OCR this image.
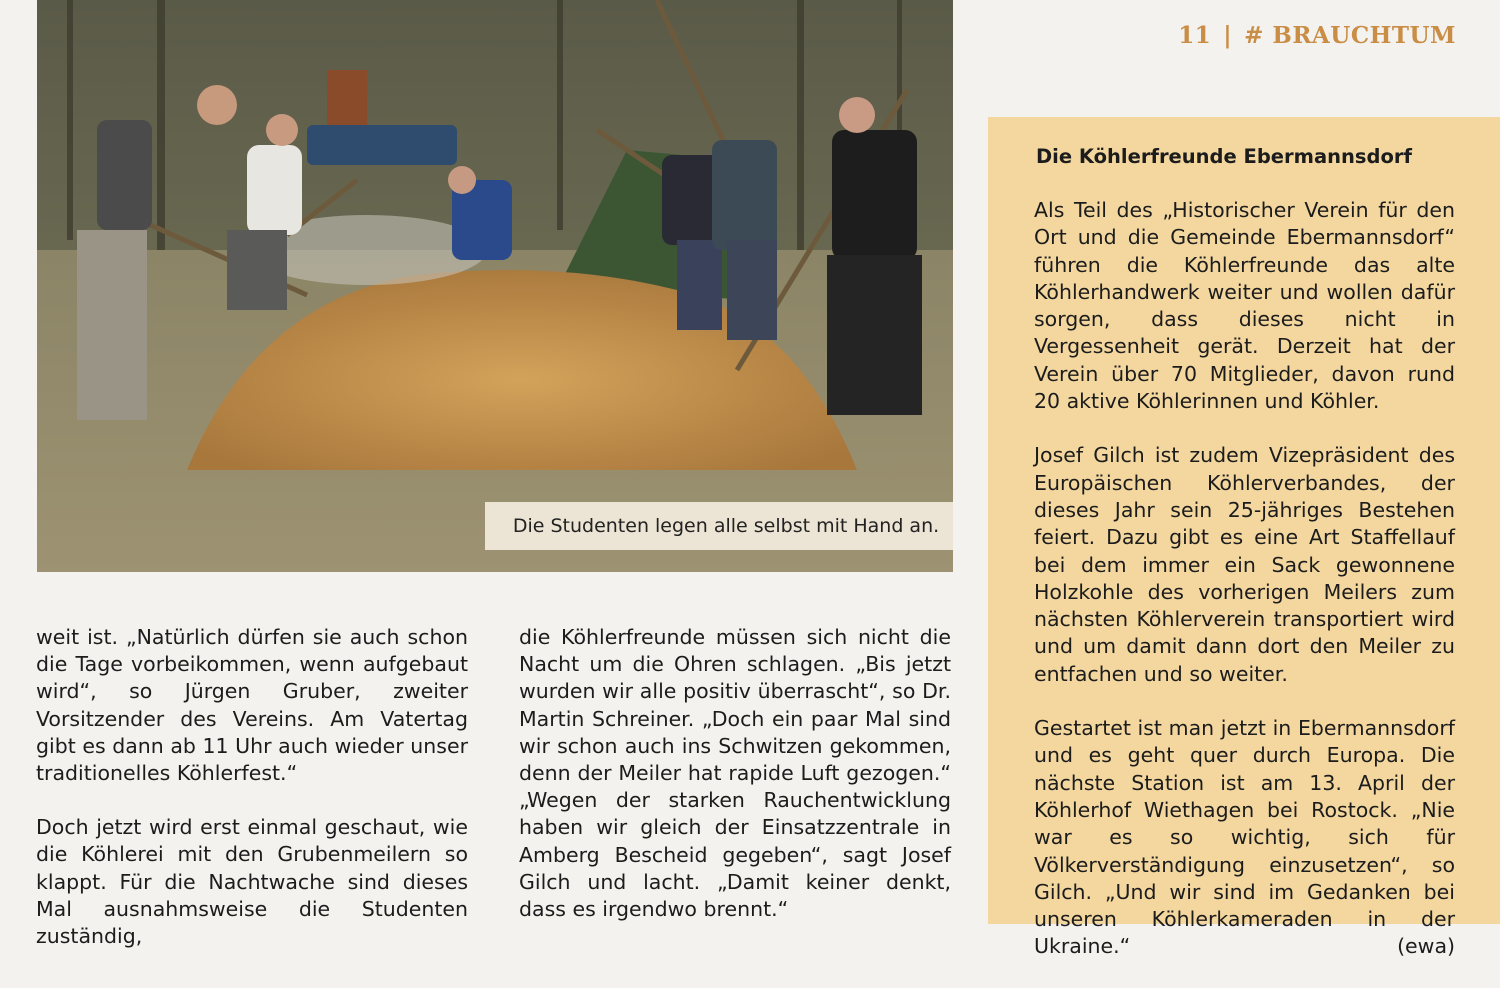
11 | # BRAUCHTUM
Die Studenten legen alle selbst mit Hand an.

weit ist. „Natürlich dürfen sie auch schon die Tage vorbeikommen, wenn aufgebaut wird“, so Jürgen Gruber, zweiter Vorsitzender des Vereins. Am Vatertag gibt es dann ab 11 Uhr auch wieder unser traditionelles Köhlerfest.“

Doch jetzt wird erst einmal geschaut, wie die Köhlerei mit den Grubenmeilern so klappt. Für die Nachtwache sind dieses Mal ausnahmsweise die Studenten zuständig,

die Köhlerfreunde müssen sich nicht die Nacht um die Ohren schlagen. „Bis jetzt wurden wir alle positiv überrascht“, so Dr. Martin Schreiner. „Doch ein paar Mal sind wir schon auch ins Schwitzen gekommen, denn der Meiler hat rapide Luft gezogen.“ „Wegen der starken Rauchentwicklung haben wir gleich der Einsatzzentrale in Amberg Bescheid gegeben“, sagt Josef Gilch und lacht. „Damit keiner denkt, dass es irgendwo brennt.“

Die Köhlerfreunde Ebermannsdorf

Als Teil des „Historischer Verein für den Ort und die Gemeinde Ebermannsdorf“ führen die Köhlerfreunde das alte Köhlerhandwerk weiter und wollen dafür sorgen, dass dieses nicht in Vergessenheit gerät. Derzeit hat der Verein über 70 Mitglieder, davon rund 20 aktive Köhlerinnen und Köhler.

Josef Gilch ist zudem Vizepräsident des Europäischen Köhlerverbandes, der dieses Jahr sein 25-jähriges Bestehen feiert. Dazu gibt es eine Art Staffellauf bei dem immer ein Sack gewonnene Holzkohle des vorherigen Meilers zum nächsten Köhlerverein transportiert wird und um damit dann dort den Meiler zu entfachen und so weiter.

Gestartet ist man jetzt in Ebermannsdorf und es geht quer durch Europa. Die nächste Station ist am 13. April der Köhlerhof Wiethagen bei Rostock. „Nie war es so wichtig, sich für Völkerverständigung einzusetzen“, so Gilch. „Und wir sind im Gedanken bei unseren Köhlerkameraden in der Ukraine.“	(ewa)
